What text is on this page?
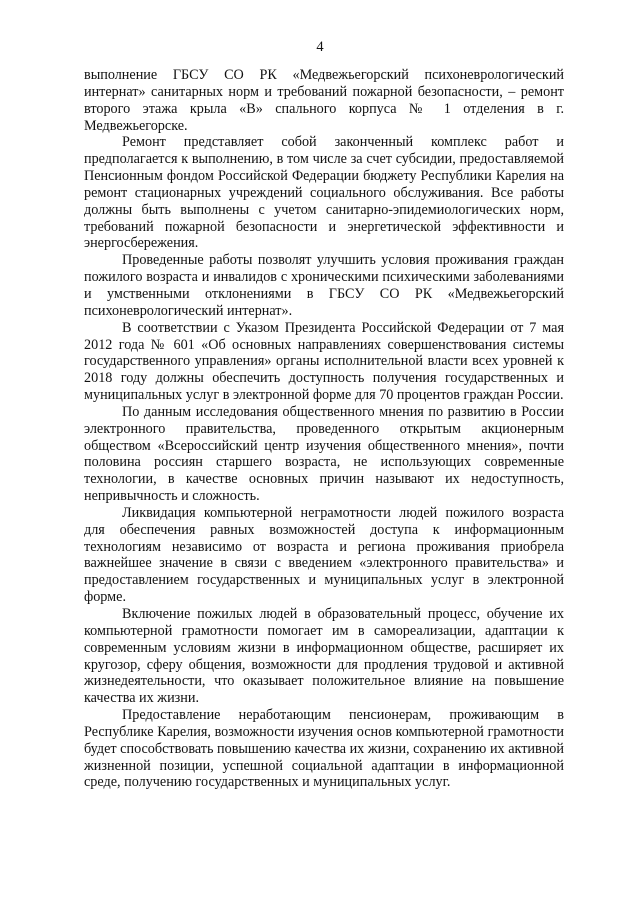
4

выполнение ГБСУ СО РК «Медвежьегорский психоневрологический интернат» санитарных норм и требований пожарной безопасности, – ремонт второго этажа крыла «В» спального корпуса № 1 отделения в г. Медвежьегорске.

Ремонт представляет собой законченный комплекс работ и предполагается к выполнению, в том числе за счет субсидии, предоставляемой Пенсионным фондом Российской Федерации бюджету Республики Карелия на ремонт стационарных учреждений социального обслуживания. Все работы должны быть выполнены с учетом санитарно-эпидемиологических норм, требований пожарной безопасности и энергетической эффективности и энергосбережения.

Проведенные работы позволят улучшить условия проживания граждан пожилого возраста и инвалидов с хроническими психическими заболеваниями и умственными отклонениями в ГБСУ СО РК «Медвежьегорский психоневрологический интернат».

В соответствии с Указом Президента Российской Федерации от 7 мая 2012 года № 601 «Об основных направлениях совершенствования системы государственного управления» органы исполнительной власти всех уровней к 2018 году должны обеспечить доступность получения государственных и муниципальных услуг в электронной форме для 70 процентов граждан России.

По данным исследования общественного мнения по развитию в России электронного правительства, проведенного открытым акционерным обществом «Всероссийский центр изучения общественного мнения», почти половина россиян старшего возраста, не использующих современные технологии, в качестве основных причин называют их недоступность, непривычность и сложность.

Ликвидация компьютерной неграмотности людей пожилого возраста для обеспечения равных возможностей доступа к информационным технологиям независимо от возраста и региона проживания приобрела важнейшее значение в связи с введением «электронного правительства» и предоставлением государственных и муниципальных услуг в электронной форме.

Включение пожилых людей в образовательный процесс, обучение их компьютерной грамотности помогает им в самореализации, адаптации к современным условиям жизни в информационном обществе, расширяет их кругозор, сферу общения, возможности для продления трудовой и активной жизнедеятельности, что оказывает положительное влияние на повышение качества их жизни.

Предоставление неработающим пенсионерам, проживающим в Республике Карелия, возможности изучения основ компьютерной грамотности будет способствовать повышению качества их жизни, сохранению их активной жизненной позиции, успешной социальной адаптации в информационной среде, получению государственных и муниципальных услуг.
